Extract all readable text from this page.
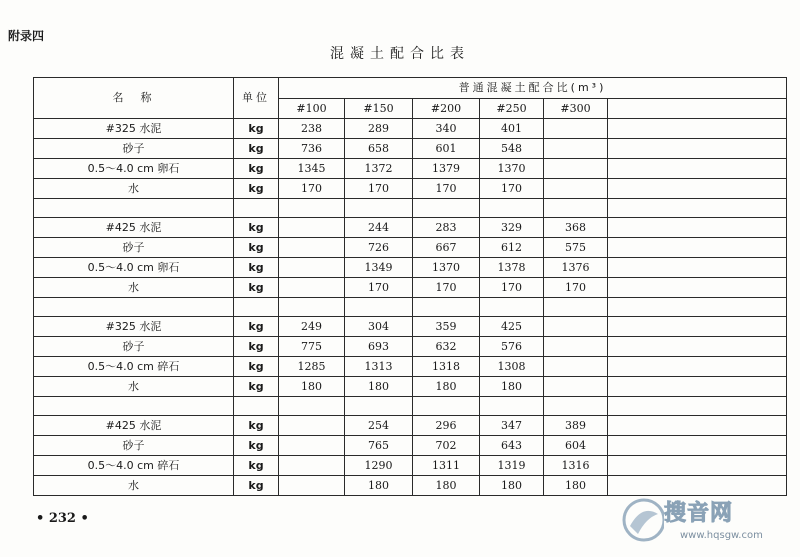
附录四
混凝土配合比表
名　称	单位	普通混凝土配合比(m³)					
		#100	#150	#200	#250	#300	
#325 水泥	kg	238	289	340	401		
砂子	kg	736	658	601	548		
0.5～4.0 cm 卵石	kg	1345	1372	1379	1370		
水	kg	170	170	170	170		

#425 水泥	kg		244	283	329	368	
砂子	kg		726	667	612	575	
0.5～4.0 cm 卵石	kg		1349	1370	1378	1376	
水	kg		170	170	170	170	

#325 水泥	kg	249	304	359	425		
砂子	kg	775	693	632	576		
0.5～4.0 cm 碎石	kg	1285	1313	1318	1308		
水	kg	180	180	180	180		

#425 水泥	kg		254	296	347	389	
砂子	kg		765	702	643	604	
0.5～4.0 cm 碎石	kg		1290	1311	1319	1316	
水	kg		180	180	180	180	
• 232 •	搜音网
www.hqsgw.com
